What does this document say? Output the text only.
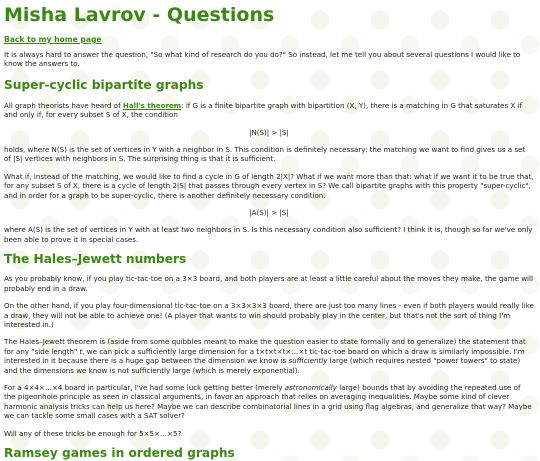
Misha Lavrov - Questions
Back to my home page

It is always hard to answer the question, "So what kind of research do you do?" So instead, let me tell you about several questions I would like to know the answers to.

Super-cyclic bipartite graphs

All graph theorists have heard of Hall's theorem: if G is a finite bipartite graph with bipartition (X, Y), there is a matching in G that saturates X if and only if, for every subset S of X, the condition

|N(S)| > |S|

holds, where N(S) is the set of vertices in Y with a neighbor in S. This condition is definitely necessary: the matching we want to find gives us a set of |S| vertices with neighbors in S. The surprising thing is that it is sufficient.

What if, instead of the matching, we would like to find a cycle in G of length 2|X|? What if we want more than that: what if we want it to be true that, for any subset S of X, there is a cycle of length 2|S| that passes through every vertex in S? We call bipartite graphs with this property "super-cyclic", and in order for a graph to be super-cyclic, there is another definitely necessary condition:

|A(S)| > |S|

where A(S) is the set of vertices in Y with at least two neighbors in S. Is this necessary condition also sufficient? I think it is, though so far we've only been able to prove it in special cases.

The Hales–Jewett numbers

As you probably know, if you play tic-tac-toe on a 3×3 board, and both players are at least a little careful about the moves they make, the game will probably end in a draw.

On the other hand, if you play four-dimensional tic-tac-toe on a 3×3×3×3 board, there are just too many lines - even if both players would really like a draw, they will not be able to achieve one! (A player that wants to win should probably play in the center, but that's not the sort of thing I'm interested in.)

The Hales–Jewett theorem is (aside from some quibbles meant to make the question easier to state formally and to generalize) the statement that for any "side length" t, we can pick a sufficiently large dimension for a t×t×t×t×…×t tic-tac-toe board on which a draw is similarly impossible. I'm interested in it because there is a huge gap between the dimension we know is sufficiently large (which requires nested "power towers" to state) and the dimensions we know is not sufficiently large (which is merely exponential).

For a 4×4×…×4 board in particular, I've had some luck getting better (merely astronomically large) bounds that by avoiding the repeated use of the pigeonhole principle as seen in classical arguments, in favor an approach that relies on averaging inequalities. Maybe some kind of clever harmonic analysis tricks can help us here? Maybe we can describe combinatorial lines in a grid using flag algebras, and generalize that way? Maybe we can tackle some small cases with a SAT solver?

Will any of these tricks be enough for 5×5×…×5?

Ramsey games in ordered graphs
